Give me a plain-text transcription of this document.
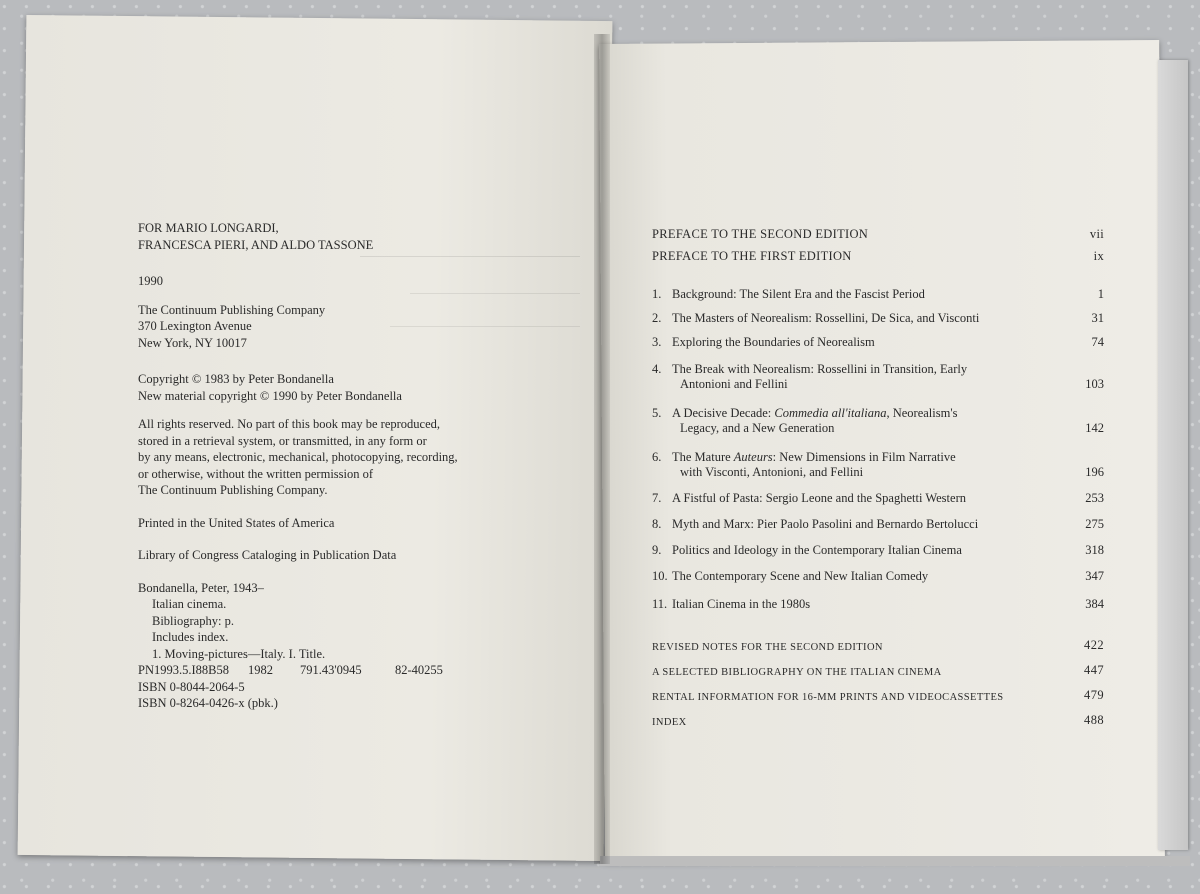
FOR MARIO LONGARDI,
FRANCESCA PIERI, AND ALDO TASSONE
1990
The Continuum Publishing Company
370 Lexington Avenue
New York, NY 10017
Copyright © 1983 by Peter Bondanella
New material copyright © 1990 by Peter Bondanella
All rights reserved. No part of this book may be reproduced,
stored in a retrieval system, or transmitted, in any form or
by any means, electronic, mechanical, photocopying, recording,
or otherwise, without the written permission of
The Continuum Publishing Company.
Printed in the United States of America
Library of Congress Cataloging in Publication Data
Bondanella, Peter, 1943–
Italian cinema.
Bibliography: p.
Includes index.
1. Moving-pictures—Italy. I. Title.
PN1993.5.I88B58 1982 791.43'0945	82-40255
ISBN 0-8044-2064-5
ISBN 0-8264-0426-x (pbk.)
PREFACE TO THE SECOND EDITION	vii
PREFACE TO THE FIRST EDITION	ix
1. Background: The Silent Era and the Fascist Period	1
2. The Masters of Neorealism: Rossellini, De Sica, and Visconti	31
3. Exploring the Boundaries of Neorealism	74
4. The Break with Neorealism: Rossellini in Transition, Early
Antonioni and Fellini	103
5. A Decisive Decade: Commedia all'italiana, Neorealism's
Legacy, and a New Generation	142
6. The Mature Auteurs: New Dimensions in Film Narrative
with Visconti, Antonioni, and Fellini	196
7. A Fistful of Pasta: Sergio Leone and the Spaghetti Western	253
8. Myth and Marx: Pier Paolo Pasolini and Bernardo Bertolucci	275
9. Politics and Ideology in the Contemporary Italian Cinema	318
10. The Contemporary Scene and New Italian Comedy	347
11. Italian Cinema in the 1980s	384
REVISED NOTES FOR THE SECOND EDITION	422
A SELECTED BIBLIOGRAPHY ON THE ITALIAN CINEMA	447
RENTAL INFORMATION FOR 16-MM PRINTS AND VIDEOCASSETTES	479
INDEX	488
